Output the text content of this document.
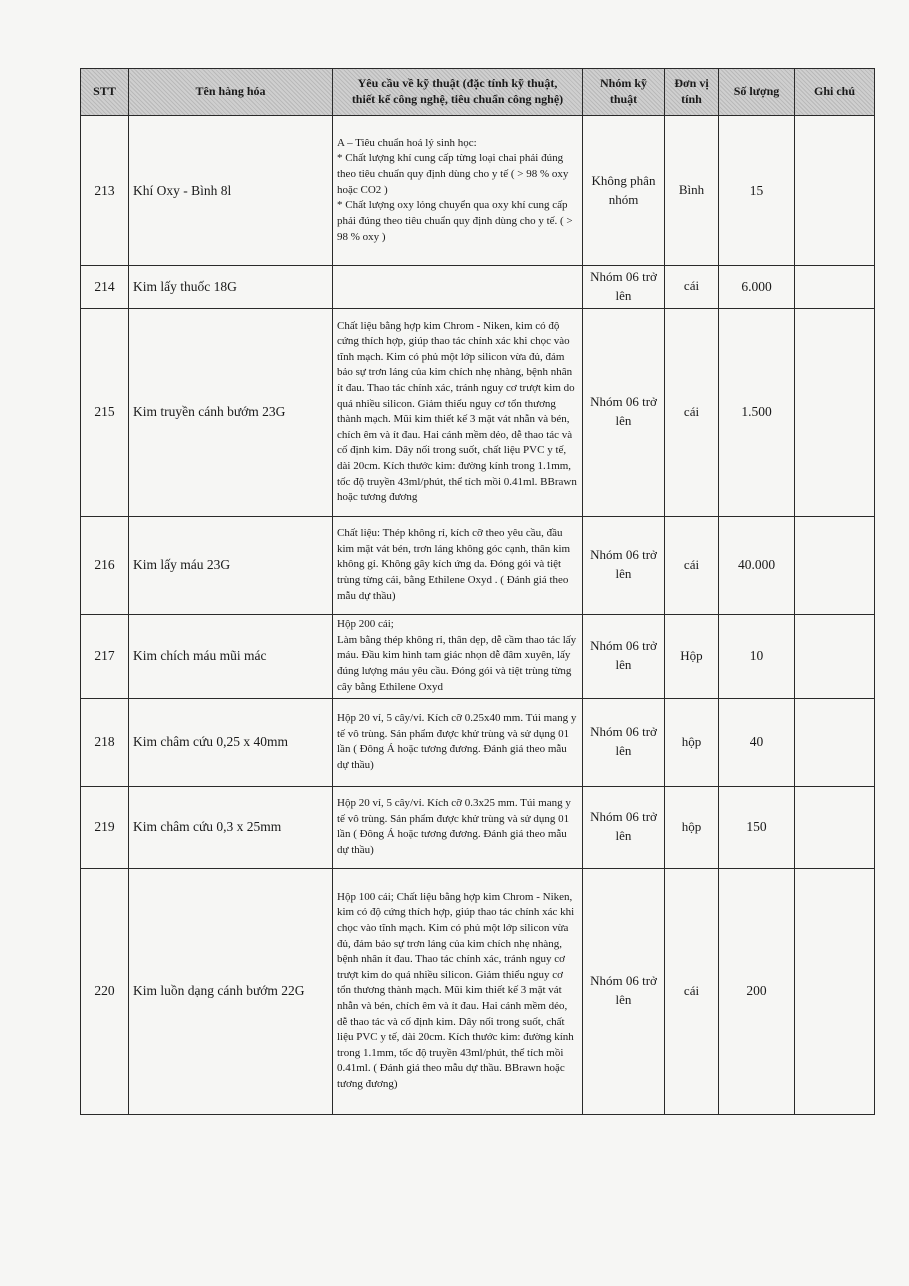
STT	Tên hàng hóa	Yêu cầu về kỹ thuật (đặc tính kỹ thuật,
thiết kế công nghệ, tiêu chuẩn công nghệ)	Nhóm kỹ
thuật	Đơn vị
tính	Số lượng	Ghi chú
213	Khí Oxy - Bình 8l	A – Tiêu chuẩn hoá lý sinh học:
* Chất lượng khí cung cấp từng loại chai phải đúng theo tiêu chuẩn quy định dùng cho y tế ( > 98 % oxy hoặc CO2 )
* Chất lượng oxy lỏng chuyển qua oxy khí cung cấp phải đúng theo tiêu chuẩn quy định dùng cho y tế. ( > 98 % oxy )	Không phân nhóm	Bình	15	
214	Kim lấy thuốc 18G		Nhóm 06 trở lên	cái	6.000	
215	Kim truyền cánh bướm 23G	Chất liệu bằng hợp kim Chrom - Niken, kim có độ cứng thích hợp, giúp thao tác chính xác khi chọc vào tĩnh mạch. Kim có phủ một lớp silicon vừa đủ, đảm bảo sự trơn láng của kim chích nhẹ nhàng, bệnh nhân ít đau. Thao tác chính xác, tránh nguy cơ trượt kim do quá nhiều silicon. Giảm thiểu nguy cơ tổn thương thành mạch. Mũi kim thiết kế 3 mặt vát nhẫn và bén, chích êm và ít đau. Hai cánh mềm dẻo, dễ thao tác và cố định kim. Dây nối trong suốt, chất liệu PVC y tế, dài 20cm. Kích thước kim: đường kính trong 1.1mm, tốc độ truyền 43ml/phút, thể tích mồi 0.41ml. BBrawn hoặc tương đương	Nhóm 06 trở lên	cái	1.500	
216	Kim lấy máu 23G	Chất liệu: Thép không rỉ, kích cỡ theo yêu cầu, đầu kim mặt vát bén, trơn láng không góc cạnh, thân kim không gỉ. Không gây kích ứng da. Đóng gói và tiệt trùng từng cái, bằng Ethilene Oxyd . ( Đánh giá theo mẫu dự thầu)	Nhóm 06 trở lên	cái	40.000	
217	Kim chích máu mũi mác	Hộp 200 cái;
Làm bằng thép không rỉ, thân dẹp, dễ cầm thao tác lấy máu. Đầu kim hình tam giác nhọn dễ đâm xuyên, lấy đúng lượng máu yêu cầu. Đóng gói và tiệt trùng từng cây bằng Ethilene Oxyd	Nhóm 06 trở lên	Hộp	10	
218	Kim châm cứu 0,25 x 40mm	Hộp 20 vỉ, 5 cây/vỉ. Kích cỡ 0.25x40 mm. Túi mang y tế vô trùng. Sản phẩm được khử trùng và sử dụng 01 lần ( Đông Á hoặc tương đương. Đánh giá theo mẫu dự thầu)	Nhóm 06 trở lên	hộp	40	
219	Kim châm cứu 0,3 x 25mm	Hộp 20 vỉ, 5 cây/vỉ. Kích cỡ 0.3x25 mm. Túi mang y tế vô trùng. Sản phẩm được khử trùng và sử dụng 01 lần ( Đông Á hoặc tương đương. Đánh giá theo mẫu dự thầu)	Nhóm 06 trở lên	hộp	150	
220	Kim luồn dạng cánh bướm 22G	Hộp 100 cái; Chất liệu bằng hợp kim Chrom - Niken, kim có độ cứng thích hợp, giúp thao tác chính xác khi chọc vào tĩnh mạch. Kim có phủ một lớp silicon vừa đủ, đảm bảo sự trơn láng của kim chích nhẹ nhàng, bệnh nhân ít đau. Thao tác chính xác, tránh nguy cơ trượt kim do quá nhiều silicon. Giảm thiểu nguy cơ tổn thương thành mạch. Mũi kim thiết kế 3 mặt vát nhẫn và bén, chích êm và ít đau. Hai cánh mềm dẻo, dễ thao tác và cố định kim. Dây nối trong suốt, chất liệu PVC y tế, dài 20cm. Kích thước kim: đường kính trong 1.1mm, tốc độ truyền 43ml/phút, thể tích mồi 0.41ml. ( Đánh giá theo mẫu dự thầu. BBrawn hoặc tương đương)	Nhóm 06 trở lên	cái	200	
